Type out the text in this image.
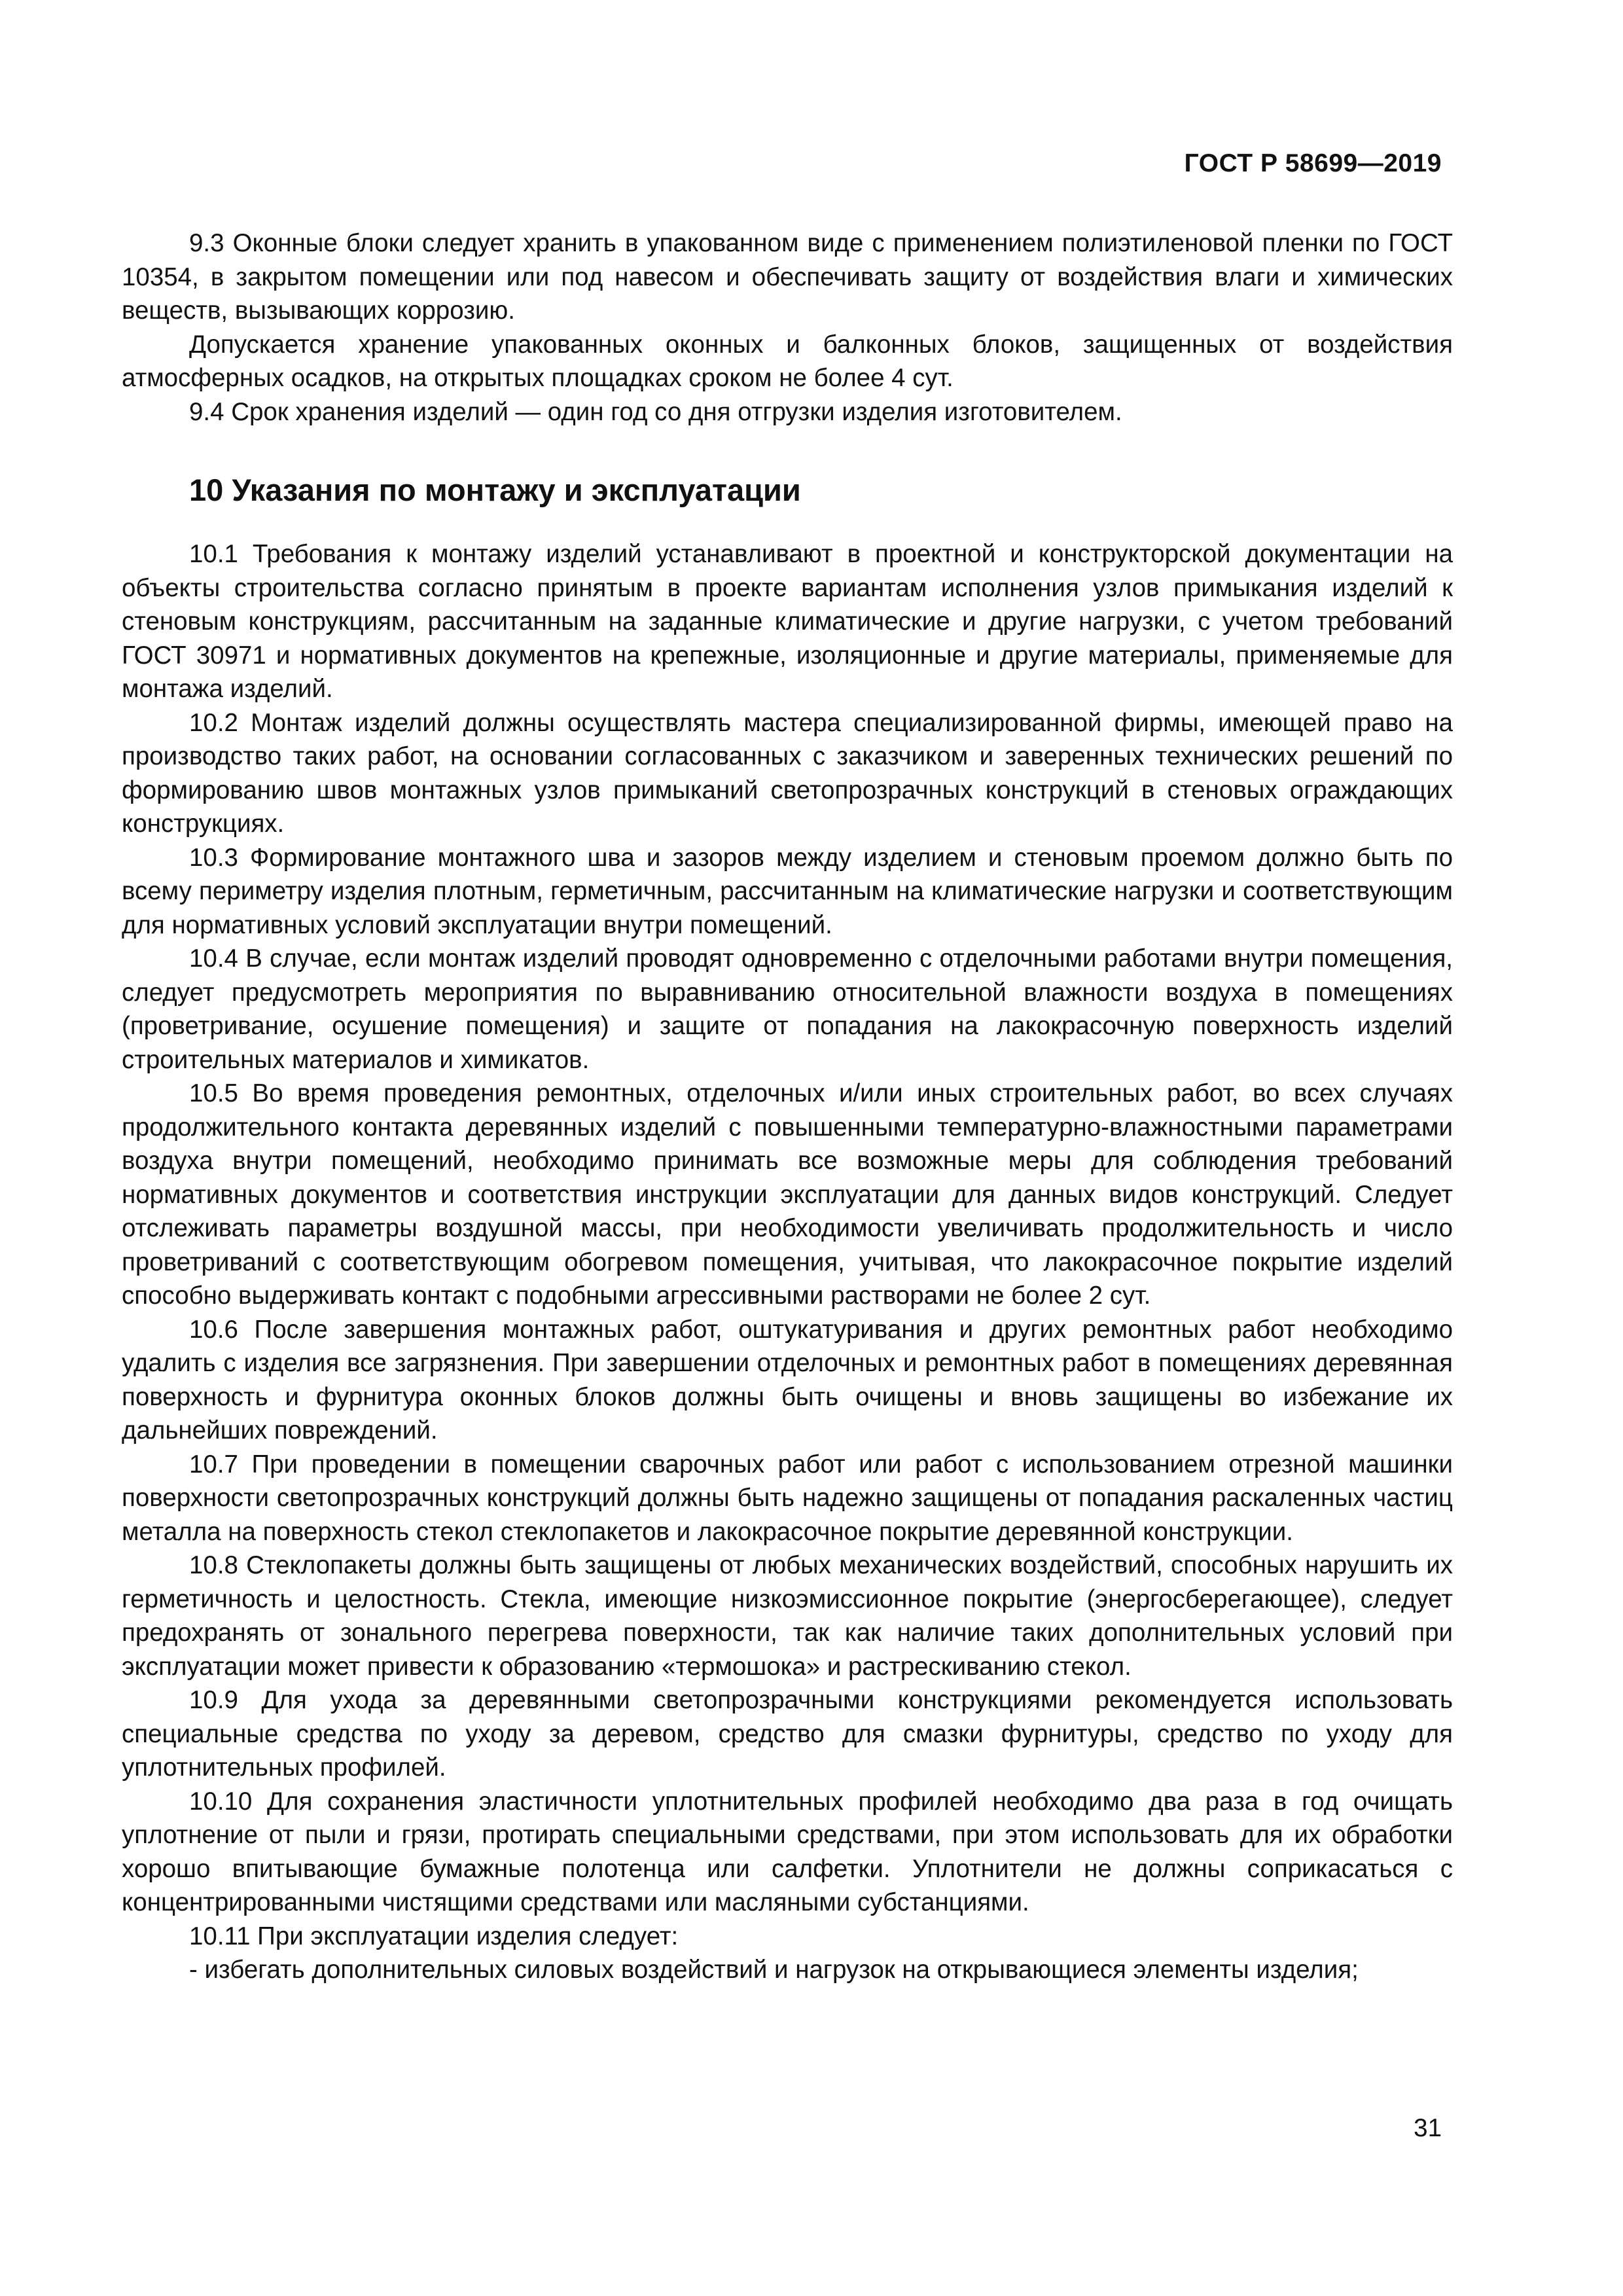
ГОСТ Р 58699—2019

9.3 Оконные блоки следует хранить в упакованном виде с применением полиэтиленовой пленки по ГОСТ 10354, в закрытом помещении или под навесом и обеспечивать защиту от воздействия влаги и химических веществ, вызывающих коррозию.

Допускается хранение упакованных оконных и балконных блоков, защищенных от воздействия атмосферных осадков, на открытых площадках сроком не более 4 сут.

9.4 Срок хранения изделий — один год со дня отгрузки изделия изготовителем.

10 Указания по монтажу и эксплуатации

10.1 Требования к монтажу изделий устанавливают в проектной и конструкторской документации на объекты строительства согласно принятым в проекте вариантам исполнения узлов примыкания изделий к стеновым конструкциям, рассчитанным на заданные климатические и другие нагрузки, с учетом требований ГОСТ 30971 и нормативных документов на крепежные, изоляционные и другие материалы, применяемые для монтажа изделий.

10.2 Монтаж изделий должны осуществлять мастера специализированной фирмы, имеющей право на производство таких работ, на основании согласованных с заказчиком и заверенных технических решений по формированию швов монтажных узлов примыканий светопрозрачных конструкций в стеновых ограждающих конструкциях.

10.3 Формирование монтажного шва и зазоров между изделием и стеновым проемом должно быть по всему периметру изделия плотным, герметичным, рассчитанным на климатические нагрузки и соответствующим для нормативных условий эксплуатации внутри помещений.

10.4 В случае, если монтаж изделий проводят одновременно с отделочными работами внутри помещения, следует предусмотреть мероприятия по выравниванию относительной влажности воздуха в помещениях (проветривание, осушение помещения) и защите от попадания на лакокрасочную поверхность изделий строительных материалов и химикатов.

10.5 Во время проведения ремонтных, отделочных и/или иных строительных работ, во всех случаях продолжительного контакта деревянных изделий с повышенными температурно-влажностными параметрами воздуха внутри помещений, необходимо принимать все возможные меры для соблюдения требований нормативных документов и соответствия инструкции эксплуатации для данных видов конструкций. Следует отслеживать параметры воздушной массы, при необходимости увеличивать продолжительность и число проветриваний с соответствующим обогревом помещения, учитывая, что лакокрасочное покрытие изделий способно выдерживать контакт с подобными агрессивными растворами не более 2 сут.

10.6 После завершения монтажных работ, оштукатуривания и других ремонтных работ необходимо удалить с изделия все загрязнения. При завершении отделочных и ремонтных работ в помещениях деревянная поверхность и фурнитура оконных блоков должны быть очищены и вновь защищены во избежание их дальнейших повреждений.

10.7 При проведении в помещении сварочных работ или работ с использованием отрезной машинки поверхности светопрозрачных конструкций должны быть надежно защищены от попадания раскаленных частиц металла на поверхность стекол стеклопакетов и лакокрасочное покрытие деревянной конструкции.

10.8 Стеклопакеты должны быть защищены от любых механических воздействий, способных нарушить их герметичность и целостность. Стекла, имеющие низкоэмиссионное покрытие (энергосберегающее), следует предохранять от зонального перегрева поверхности, так как наличие таких дополнительных условий при эксплуатации может привести к образованию «термошока» и растрескиванию стекол.

10.9 Для ухода за деревянными светопрозрачными конструкциями рекомендуется использовать специальные средства по уходу за деревом, средство для смазки фурнитуры, средство по уходу для уплотнительных профилей.

10.10 Для сохранения эластичности уплотнительных профилей необходимо два раза в год очищать уплотнение от пыли и грязи, протирать специальными средствами, при этом использовать для их обработки хорошо впитывающие бумажные полотенца или салфетки. Уплотнители не должны соприкасаться с концентрированными чистящими средствами или масляными субстанциями.

10.11 При эксплуатации изделия следует:

- избегать дополнительных силовых воздействий и нагрузок на открывающиеся элементы изделия;

31
